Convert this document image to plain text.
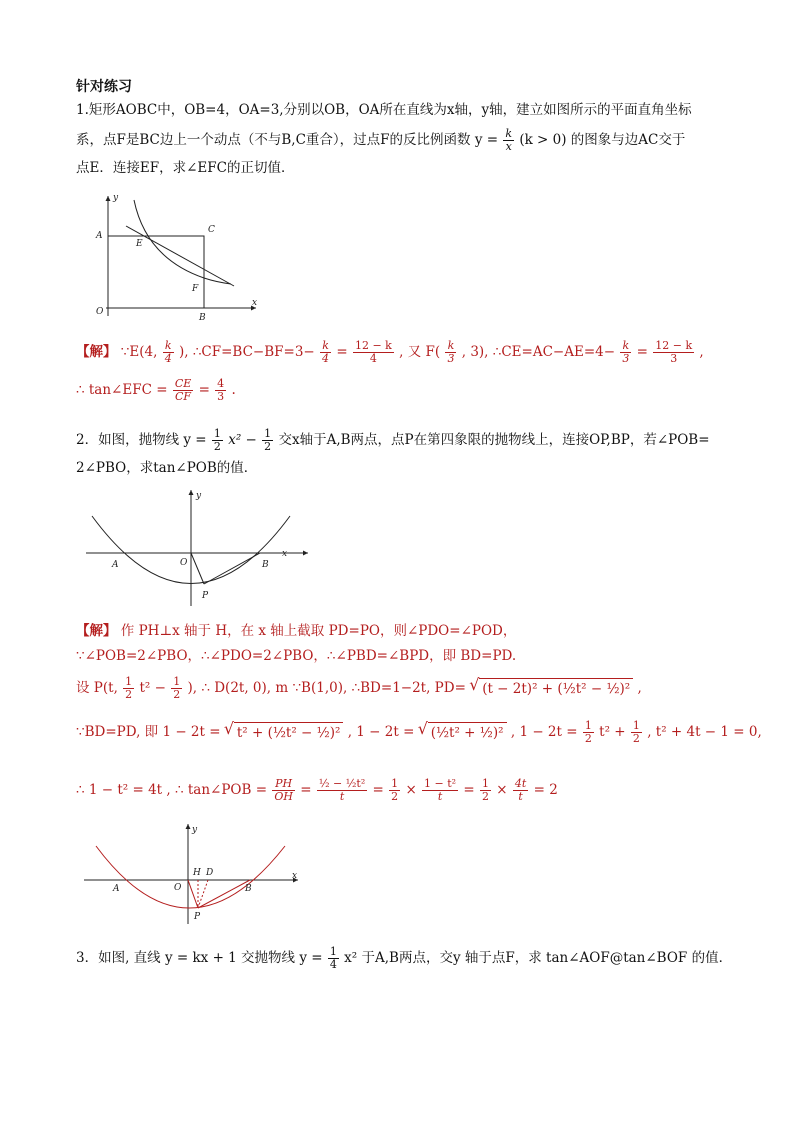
针对练习
1.矩形AOBC中，OB=4，OA=3,分别以OB，OA所在直线为x轴，y轴，建立如图所示的平面直角坐标
系，点F是BC边上一个动点（不与B,C重合），过点F的反比例函数 $y = \frac{k}{x} (k > 0)$ 的图象与边AC交于
点E．连接EF，求∠EFC的正切值．
A
C
E
F
O
B
x
y
【解】 ∵E(4, $\frac{k}{4}$ ), ∴CF=BC−BF=3− $\frac{k}{4} = \frac{12 - k}{4}$ , 又 $F( \frac{k}{3}$ , 3), ∴CE=AC−AE=4− $\frac{k}{3} = \frac{12 - k}{3}$ ,
∴ tan∠EFC = $\frac{CE}{CF} = \frac{4}{3}$ .
2．如图，抛物线 $y = \frac{1}{2} x^2 - \frac{1}{2}$ 交x轴于A,B两点，点P在第四象限的抛物线上，连接OP,BP，若∠POB=
2∠PBO，求tan∠POB的值．
x
y
A	O	B
P
【解】 作 PH⊥x 轴于 H，在 x 轴上截取 PD=PO，则∠PDO=∠POD，
∵∠POB=2∠PBO，∴∠PDO=2∠PBO，∴∠PBD=∠BPD，即 BD=PD.
设 P(t, $\frac{1}{2} t^2 - \frac{1}{2}$ ), ∴ D(2t, 0), m ∵B(1,0), ∴BD=1−2t, PD= √ (t − 2t)² + (½t² − ½)² ,
∵BD=PD, 即 1 − 2t = √ t² + (½t² − ½)² , 1 − 2t = √ (½t² + ½)² , $1 - 2t = \frac{1}{2} t^2 + \frac{1}{2}$ , t² + 4t − 1 = 0,
∴ 1 − t² = 4t , ∴ tan∠POB = $\frac{PH}{OH} = \frac{\text{½ − ½t²}}{t} = \frac{1}{2} \times \frac{\text{1 − t²}}{t} = \frac{1}{2} \times \frac{4t}{t} = 2$
x
y
A	O
H D
B
P
3．如图, 直线 y = kx + 1 交抛物线 $y = \frac{1}{4} x^2$ 于A,B两点，交y 轴于点F，求 tan∠AOF@tan∠BOF 的值．
